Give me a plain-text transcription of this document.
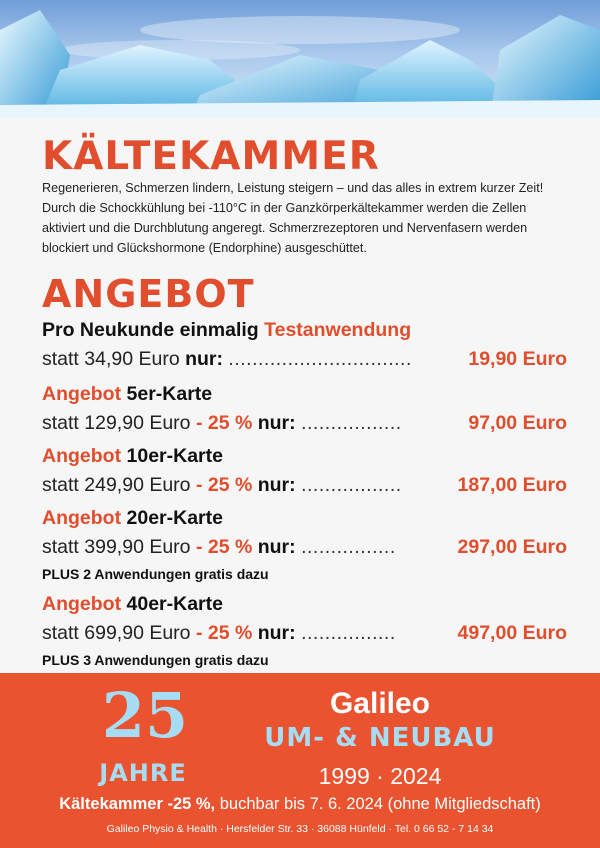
KÄLTEKAMMER
Regenerieren, Schmerzen lindern, Leistung steigern – und das alles in extrem kurzer Zeit! Durch die Schockkühlung bei -110°C in der Ganzkörperkältekammer werden die Zellen aktiviert und die Durchblutung angeregt. Schmerzrezeptoren und Nervenfasern werden blockiert und Glückshormone (Endorphine) ausgeschüttet.
ANGEBOT
Pro Neukunde einmalig Testanwendung
statt 34,90 Euro nur: ...............................	19,90 Euro
Angebot 5er-Karte
statt 129,90 Euro - 25 % nur: .................	97,00 Euro
Angebot 10er-Karte
statt 249,90 Euro - 25 % nur: .................	187,00 Euro
Angebot 20er-Karte
statt 399,90 Euro - 25 % nur: ................	297,00 Euro
PLUS 2 Anwendungen gratis dazu
Angebot 40er-Karte
statt 699,90 Euro - 25 % nur: ................	497,00 Euro
PLUS 3 Anwendungen gratis dazu
25
JAHRE
Galileo
UM- & NEUBAU
1999 · 2024
Kältekammer -25 %, buchbar bis 7. 6. 2024 (ohne Mitgliedschaft)
Galileo Physio & Health · Hersfelder Str. 33 · 36088 Hünfeld · Tel. 0 66 52 - 7 14 34
